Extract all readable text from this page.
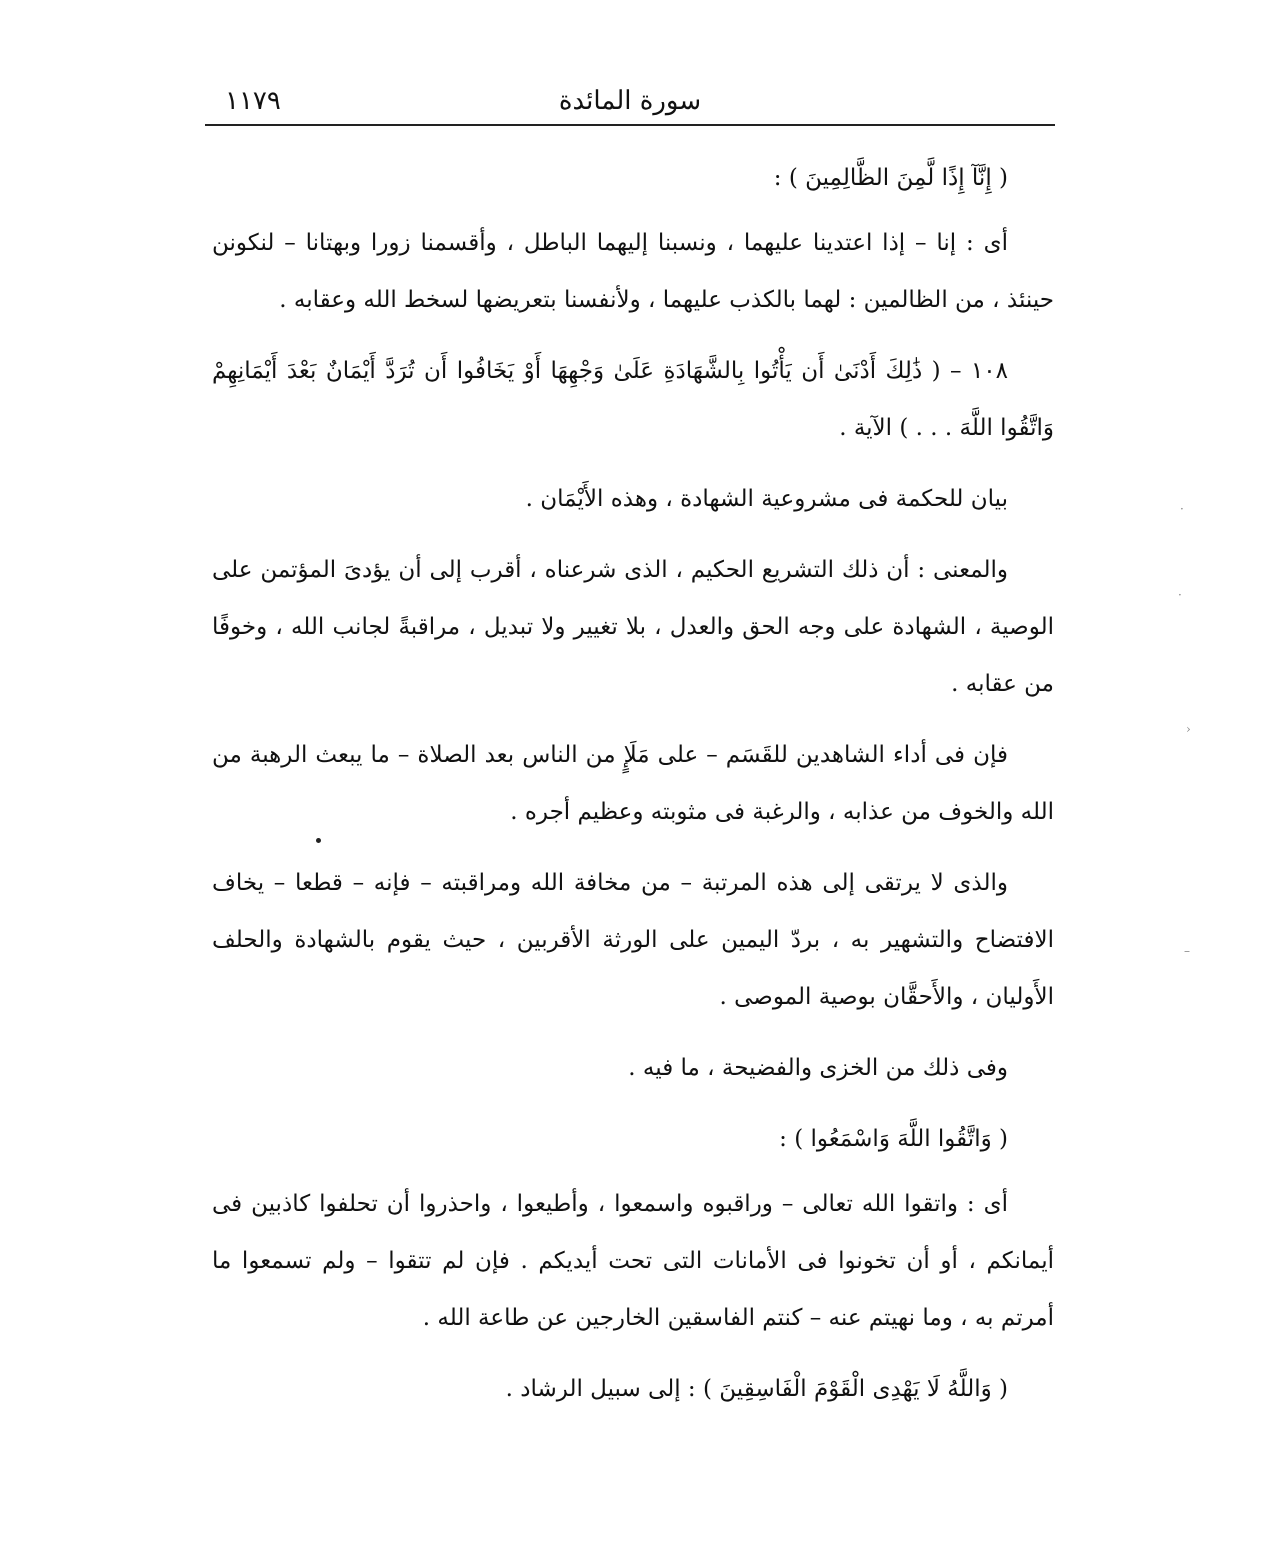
سورة المائدة
١١٧٩

( إِنَّآ إِذًا لَّمِنَ الظَّالِمِينَ ) :

أى : إنا – إذا اعتدينا عليهما ، ونسبنا إليهما الباطل ، وأقسمنا زورا وبهتانا – لنكونن حينئذ ، من الظالمين : لهما بالكذب عليهما ، ولأنفسنا بتعريضها لسخط الله وعقابه .

١٠٨ – ( ذَٰلِكَ أَدْنَىٰ أَن يَأْتُوا بِالشَّهَادَةِ عَلَىٰ وَجْهِهَا أَوْ يَخَافُوا أَن تُرَدَّ أَيْمَانٌ بَعْدَ أَيْمَانِهِمْ وَاتَّقُوا اللَّهَ . . . ) الآية .

بيان للحكمة فى مشروعية الشهادة ، وهذه الأَيْمَان .

والمعنى : أن ذلك التشريع الحكيم ، الذى شرعناه ، أقرب إلى أن يؤدىَ المؤتمن على الوصية ، الشهادة على وجه الحق والعدل ، بلا تغيير ولا تبديل ، مراقبةً لجانب الله ، وخوفًا من عقابه .

فإن فى أداء الشاهدين للقَسَم – على مَلَإٍ من الناس بعد الصلاة – ما يبعث الرهبة من الله والخوف من عذابه ، والرغبة فى مثوبته وعظيم أجره .

والذى لا يرتقى إلى هذه المرتبة – من مخافة الله ومراقبته – فإنه – قطعا – يخاف الافتضاح والتشهير به ، بردّ اليمين على الورثة الأقربين ، حيث يقوم بالشهادة والحلف الأَوليان ، والأَحقَّان بوصية الموصى .

وفى ذلك من الخزى والفضيحة ، ما فيه .

( وَاتَّقُوا اللَّهَ وَاسْمَعُوا ) :

أى : واتقوا الله تعالى – وراقبوه واسمعوا ، وأطيعوا ، واحذروا أن تحلفوا كاذبين فى أيمانكم ، أو أن تخونوا فى الأمانات التى تحت أيديكم . فإن لم تتقوا – ولم تسمعوا ما أمرتم به ، وما نهيتم عنه – كنتم الفاسقين الخارجين عن طاعة الله .

( وَاللَّهُ لَا يَهْدِى الْقَوْمَ الْفَاسِقِينَ ) : إلى سبيل الرشاد .

·
·
›
–
